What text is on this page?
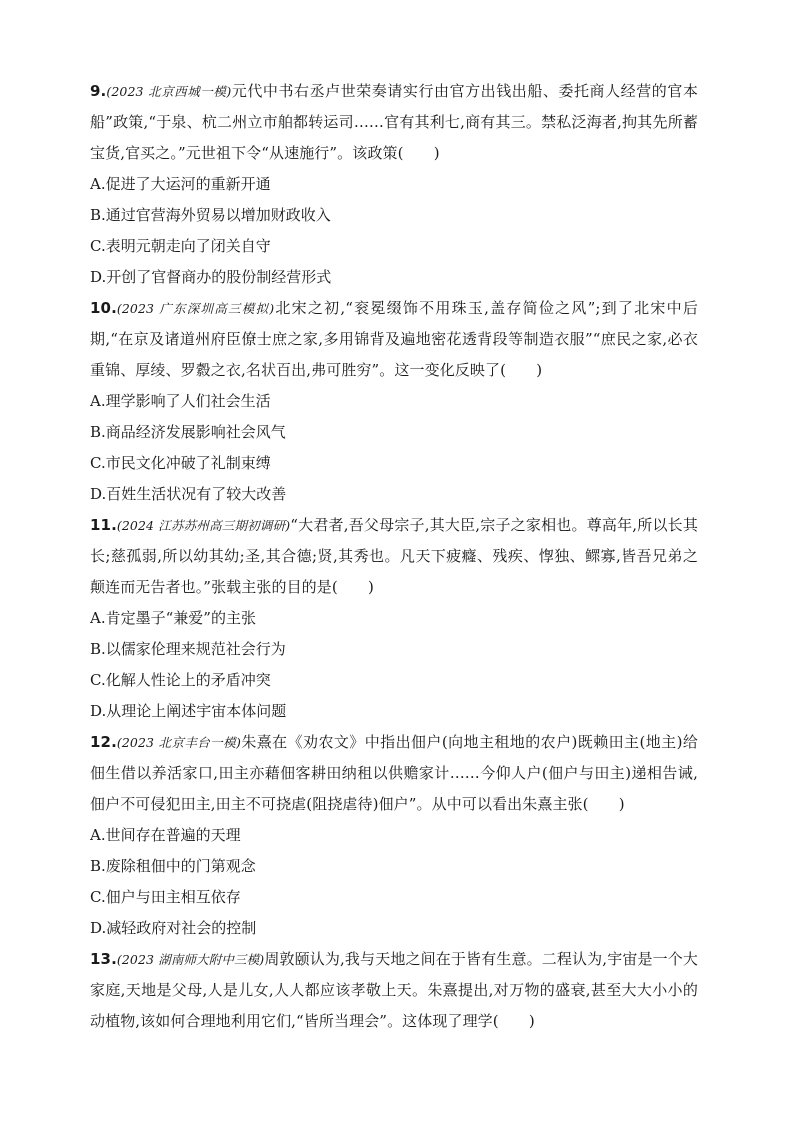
9.(2023 北京西城一模)元代中书右丞卢世荣奏请实行由官方出钱出船、委托商人经营的官本船”政策,“于泉、杭二州立市舶都转运司……官有其利七,商有其三。禁私泛海者,拘其先所蓄宝货,官买之。”元世祖下令“从速施行”。该政策(　　)

A.促进了大运河的重新开通

B.通过官营海外贸易以增加财政收入

C.表明元朝走向了闭关自守

D.开创了官督商办的股份制经营形式

10.(2023 广东深圳高三模拟)北宋之初,“衮冕缀饰不用珠玉,盖存简俭之风”;到了北宋中后期,“在京及诸道州府臣僚士庶之家,多用锦背及遍地密花透背段等制造衣服”“庶民之家,必衣重锦、厚绫、罗縠之衣,名状百出,弗可胜穷”。这一变化反映了(　　)

A.理学影响了人们社会生活

B.商品经济发展影响社会风气

C.市民文化冲破了礼制束缚

D.百姓生活状况有了较大改善

11.(2024 江苏苏州高三期初调研)“大君者,吾父母宗子,其大臣,宗子之家相也。尊高年,所以长其长;慈孤弱,所以幼其幼;圣,其合德;贤,其秀也。凡天下疲癃、残疾、惸独、鳏寡,皆吾兄弟之颠连而无告者也。”张载主张的目的是(　　)

A.肯定墨子“兼爱”的主张

B.以儒家伦理来规范社会行为

C.化解人性论上的矛盾冲突

D.从理论上阐述宇宙本体问题

12.(2023 北京丰台一模)朱熹在《劝农文》中指出佃户(向地主租地的农户)既赖田主(地主)给佃生借以养活家口,田主亦藉佃客耕田纳租以供赡家计……今仰人户(佃户与田主)递相告诫,佃户不可侵犯田主,田主不可挠虐(阻挠虐待)佃户”。从中可以看出朱熹主张(　　)

A.世间存在普遍的天理

B.废除租佃中的门第观念

C.佃户与田主相互依存

D.减轻政府对社会的控制

13.(2023 湖南师大附中三模)周敦颐认为,我与天地之间在于皆有生意。二程认为,宇宙是一个大家庭,天地是父母,人是儿女,人人都应该孝敬上天。朱熹提出,对万物的盛衰,甚至大大小小的动植物,该如何合理地利用它们,“皆所当理会”。这体现了理学(　　)
